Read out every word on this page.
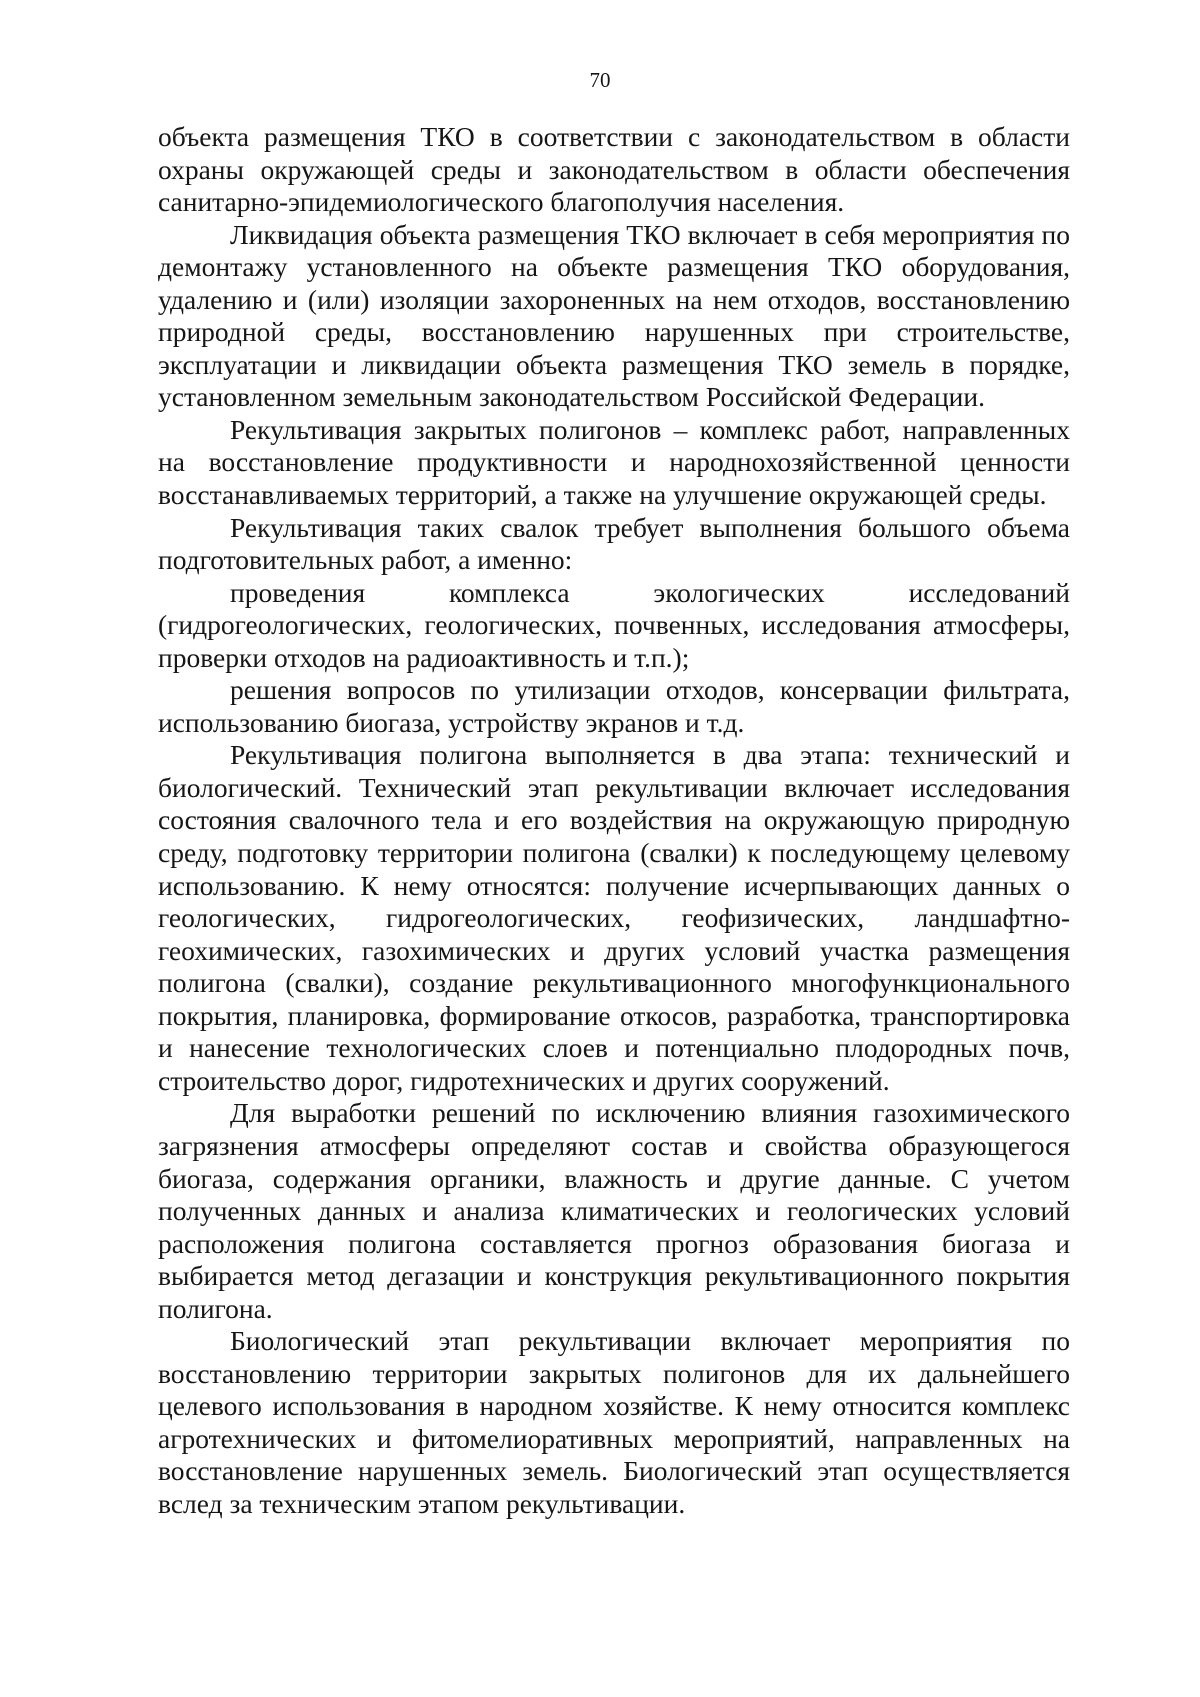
70

объекта размещения ТКО в соответствии с законодательством в области охраны окружающей среды и законодательством в области обеспечения санитарно-эпидемиологического благополучия населения.

Ликвидация объекта размещения ТКО включает в себя мероприятия по демонтажу установленного на объекте размещения ТКО оборудования, удалению и (или) изоляции захороненных на нем отходов, восстановлению природной среды, восстановлению нарушенных при строительстве, эксплуатации и ликвидации объекта размещения ТКО земель в порядке, установленном земельным законодательством Российской Федерации.

Рекультивация закрытых полигонов – комплекс работ, направленных на восстановление продуктивности и народнохозяйственной ценности восстанавливаемых территорий, а также на улучшение окружающей среды.

Рекультивация таких свалок требует выполнения большого объема подготовительных работ, а именно:

проведения комплекса экологических исследований (гидрогеологических, геологических, почвенных, исследования атмосферы, проверки отходов на радиоактивность и т.п.);

решения вопросов по утилизации отходов, консервации фильтрата, использованию биогаза, устройству экранов и т.д.

Рекультивация полигона выполняется в два этапа: технический и биологический. Технический этап рекультивации включает исследования состояния свалочного тела и его воздействия на окружающую природную среду, подготовку территории полигона (свалки) к последующему целевому использованию. К нему относятся: получение исчерпывающих данных о геологических, гидрогеологических, геофизических, ландшафтно-геохимических, газохимических и других условий участка размещения полигона (свалки), создание рекультивационного многофункционального покрытия, планировка, формирование откосов, разработка, транспортировка и нанесение технологических слоев и потенциально плодородных почв, строительство дорог, гидротехнических и других сооружений.

Для выработки решений по исключению влияния газохимического загрязнения атмосферы определяют состав и свойства образующегося биогаза, содержания органики, влажность и другие данные. С учетом полученных данных и анализа климатических и геологических условий расположения полигона составляется прогноз образования биогаза и выбирается метод дегазации и конструкция рекультивационного покрытия полигона.

Биологический этап рекультивации включает мероприятия по восстановлению территории закрытых полигонов для их дальнейшего целевого использования в народном хозяйстве. К нему относится комплекс агротехнических и фитомелиоративных мероприятий, направленных на восстановление нарушенных земель. Биологический этап осуществляется вслед за техническим этапом рекультивации.
